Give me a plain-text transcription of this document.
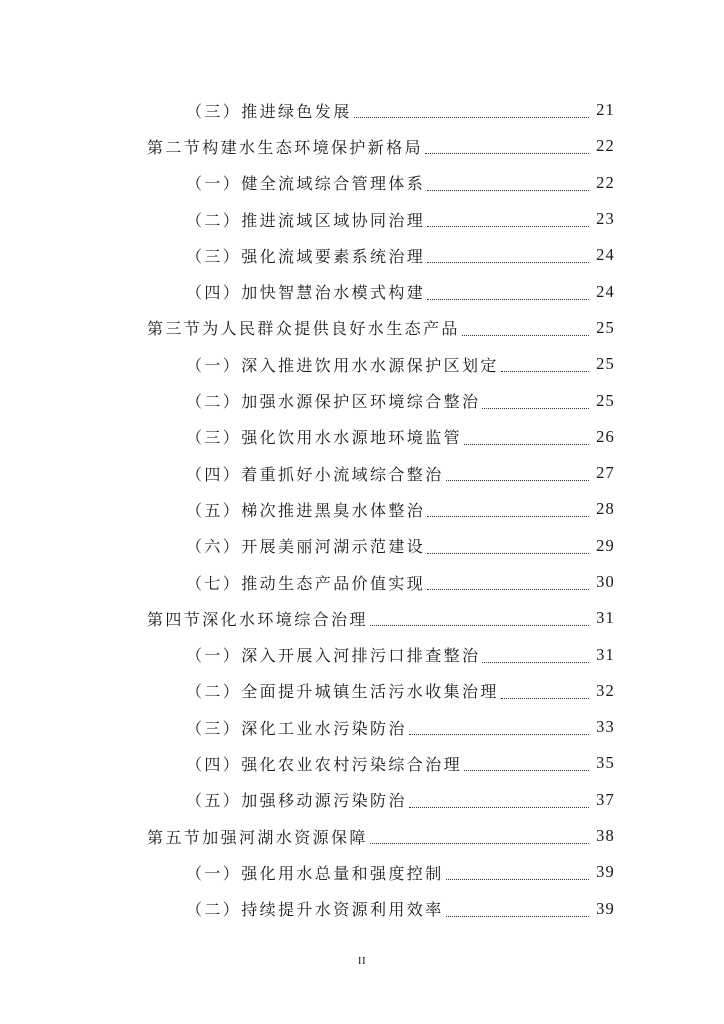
（三）推进绿色发展	21
第二节构建水生态环境保护新格局	22
（一）健全流域综合管理体系	22
（二）推进流域区域协同治理	23
（三）强化流域要素系统治理	24
（四）加快智慧治水模式构建	24
第三节为人民群众提供良好水生态产品	25
（一）深入推进饮用水水源保护区划定	25
（二）加强水源保护区环境综合整治	25
（三）强化饮用水水源地环境监管	26
（四）着重抓好小流域综合整治	27
（五）梯次推进黑臭水体整治	28
（六）开展美丽河湖示范建设	29
（七）推动生态产品价值实现	30
第四节深化水环境综合治理	31
（一）深入开展入河排污口排查整治	31
（二）全面提升城镇生活污水收集治理	32
（三）深化工业水污染防治	33
（四）强化农业农村污染综合治理	35
（五）加强移动源污染防治	37
第五节加强河湖水资源保障	38
（一）强化用水总量和强度控制	39
（二）持续提升水资源利用效率	39
II
